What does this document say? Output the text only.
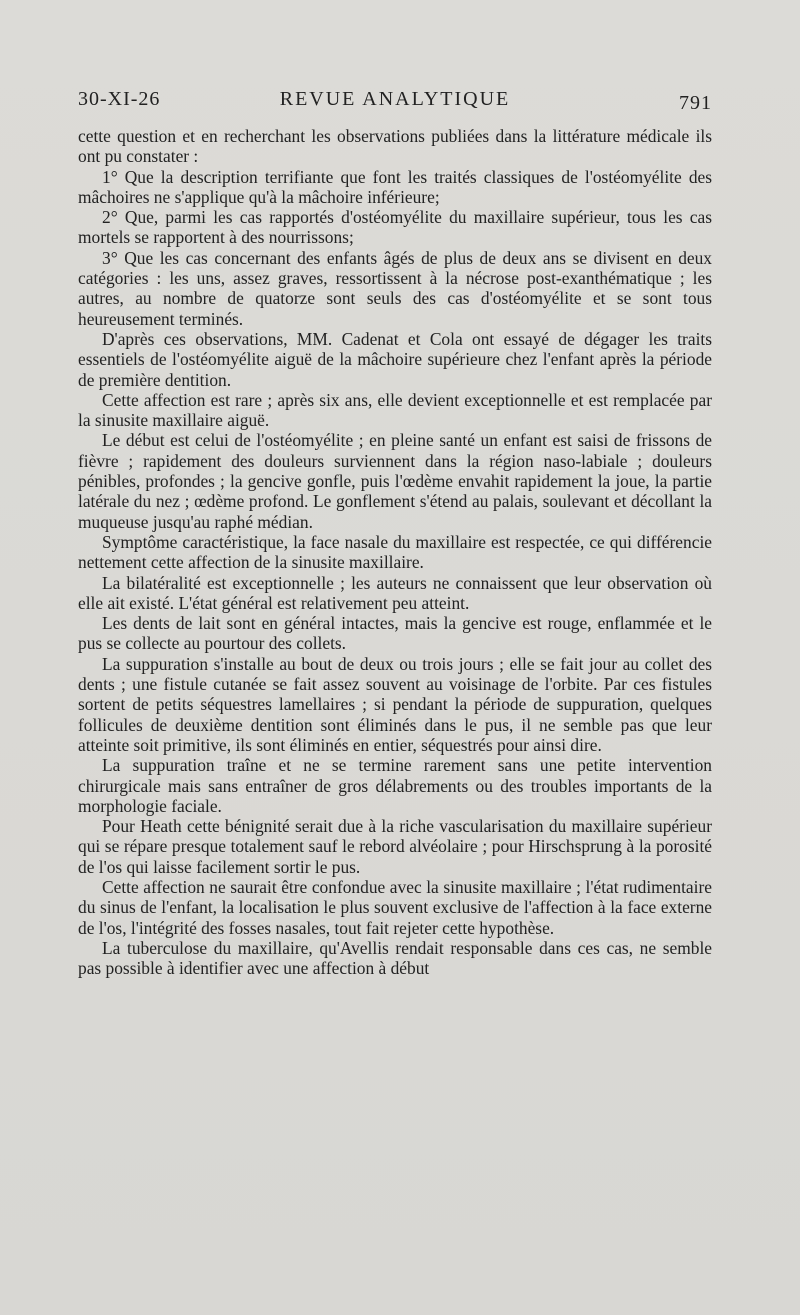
30-XI-26	REVUE ANALYTIQUE	791

cette question et en recherchant les observations publiées dans la littérature médicale ils ont pu constater :

1° Que la description terrifiante que font les traités classiques de l'ostéomyélite des mâchoires ne s'applique qu'à la mâchoire inférieure;

2° Que, parmi les cas rapportés d'ostéomyélite du maxillaire supérieur, tous les cas mortels se rapportent à des nourrissons;

3° Que les cas concernant des enfants âgés de plus de deux ans se divisent en deux catégories : les uns, assez graves, ressortissent à la nécrose post-exanthématique ; les autres, au nombre de quatorze sont seuls des cas d'ostéomyélite et se sont tous heureusement terminés.

D'après ces observations, MM. Cadenat et Cola ont essayé de dégager les traits essentiels de l'ostéomyélite aiguë de la mâchoire supérieure chez l'enfant après la période de première dentition.

Cette affection est rare ; après six ans, elle devient exceptionnelle et est remplacée par la sinusite maxillaire aiguë.

Le début est celui de l'ostéomyélite ; en pleine santé un enfant est saisi de frissons de fièvre ; rapidement des douleurs surviennent dans la région naso-labiale ; douleurs pénibles, profondes ; la gencive gonfle, puis l'œdème envahit rapidement la joue, la partie latérale du nez ; œdème profond. Le gonflement s'étend au palais, soulevant et décollant la muqueuse jusqu'au raphé médian.

Symptôme caractéristique, la face nasale du maxillaire est respectée, ce qui différencie nettement cette affection de la sinusite maxillaire.

La bilatéralité est exceptionnelle ; les auteurs ne connaissent que leur observation où elle ait existé. L'état général est relativement peu atteint.

Les dents de lait sont en général intactes, mais la gencive est rouge, enflammée et le pus se collecte au pourtour des collets.

La suppuration s'installe au bout de deux ou trois jours ; elle se fait jour au collet des dents ; une fistule cutanée se fait assez souvent au voisinage de l'orbite. Par ces fistules sortent de petits séquestres lamellaires ; si pendant la période de suppuration, quelques follicules de deuxième dentition sont éliminés dans le pus, il ne semble pas que leur atteinte soit primitive, ils sont éliminés en entier, séquestrés pour ainsi dire.

La suppuration traîne et ne se termine rarement sans une petite intervention chirurgicale mais sans entraîner de gros délabrements ou des troubles importants de la morphologie faciale.

Pour Heath cette bénignité serait due à la riche vascularisation du maxillaire supérieur qui se répare presque totalement sauf le rebord alvéolaire ; pour Hirschsprung à la porosité de l'os qui laisse facilement sortir le pus.

Cette affection ne saurait être confondue avec la sinusite maxillaire ; l'état rudimentaire du sinus de l'enfant, la localisation le plus souvent exclusive de l'affection à la face externe de l'os, l'intégrité des fosses nasales, tout fait rejeter cette hypothèse.

La tuberculose du maxillaire, qu'Avellis rendait responsable dans ces cas, ne semble pas possible à identifier avec une affection à début
